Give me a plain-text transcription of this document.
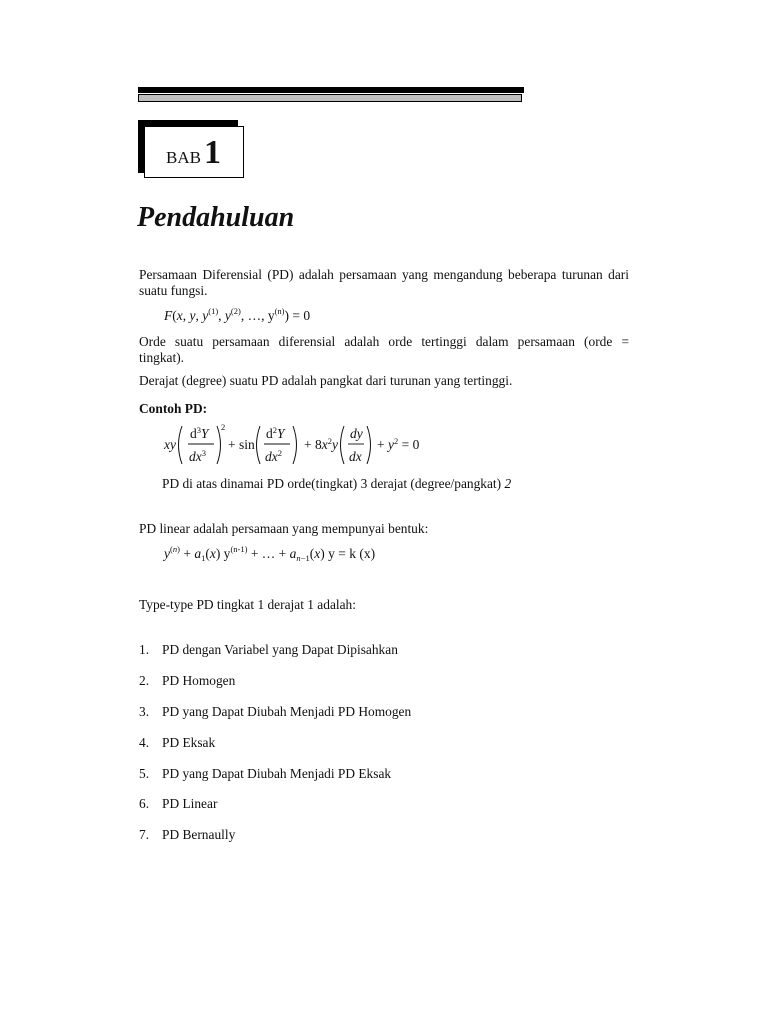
BAB 1
Pendahuluan
Persamaan Diferensial (PD) adalah persamaan yang mengandung beberapa turunan dari
suatu fungsi.
F(x, y, $y^{(1)}$, $y^{(2)}$, …, $y^{(n)}) = 0$
Orde suatu persamaan diferensial adalah orde tertinggi dalam persamaan (orde =
tingkat).
Derajat (degree) suatu PD adalah pangkat dari turunan yang tertinggi.
Contoh PD:
xy
$d^3Y$
$dx^3$
2
+ sin
$d^2Y$
$dx^2$
+ $8x^2y$
dy
dx
+ $y^2 = 0$
PD di atas dinamai PD orde(tingkat) 3 derajat (degree/pangkat) 2
PD linear adalah persamaan yang mempunyai bentuk:
$y^{(n)} + a_1(x) y^{(n-1)}$ + … + $a_{n-1}(x) y = k$ (x)
Type-type PD tingkat 1 derajat 1 adalah:
1. PD dengan Variabel yang Dapat Dipisahkan
2. PD Homogen
3. PD yang Dapat Diubah Menjadi PD Homogen
4. PD Eksak
5. PD yang Dapat Diubah Menjadi PD Eksak
6. PD Linear
7. PD Bernaully
